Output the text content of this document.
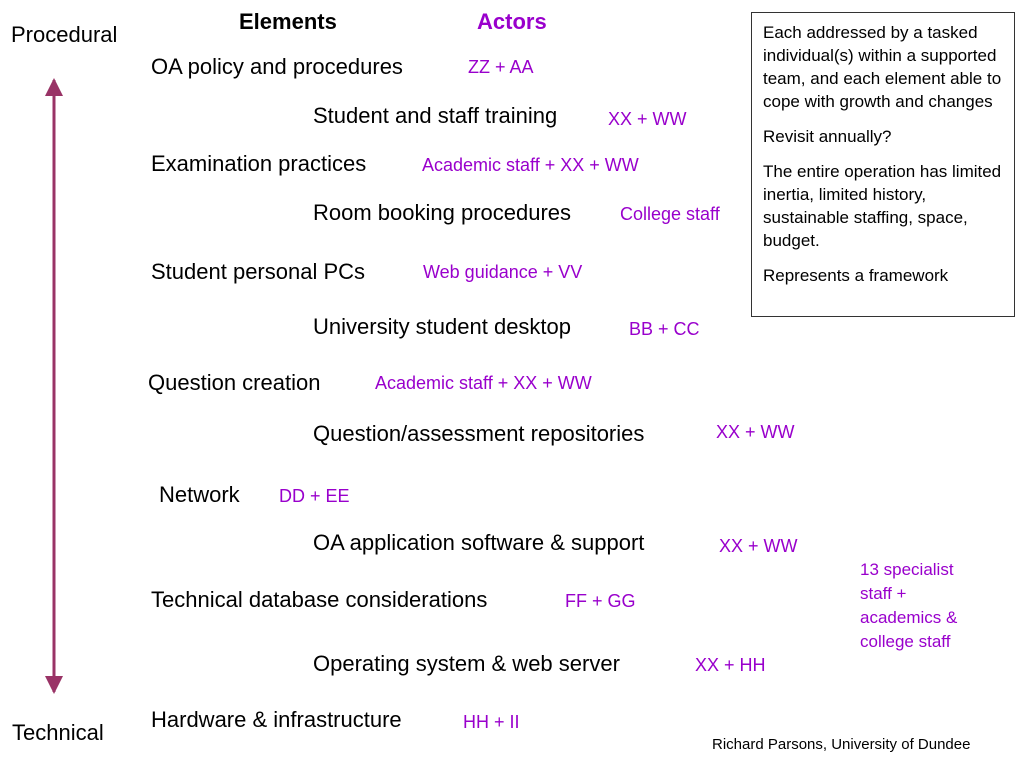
Procedural
Technical
Elements	Actors
OA policy and procedures	ZZ + AA
Student and staff training	XX + WW
Examination practices	Academic staff + XX + WW
Room booking procedures	College staff
Student personal PCs	Web guidance + VV
University student desktop	BB + CC
Question creation	Academic staff + XX + WW
Question/assessment repositories	XX + WW
Network DD + EE
OA application software & support	XX + WW
Technical database considerations	FF + GG
Operating system & web server	XX + HH
Hardware & infrastructure	HH + II

Each addressed by a tasked individual(s) within a supported team, and each element able to cope with growth and changes

Revisit annually?

The entire operation has limited inertia, limited history, sustainable staffing, space, budget.

Represents a framework

13 specialist staff + academics & college staff
Richard Parsons, University of Dundee
